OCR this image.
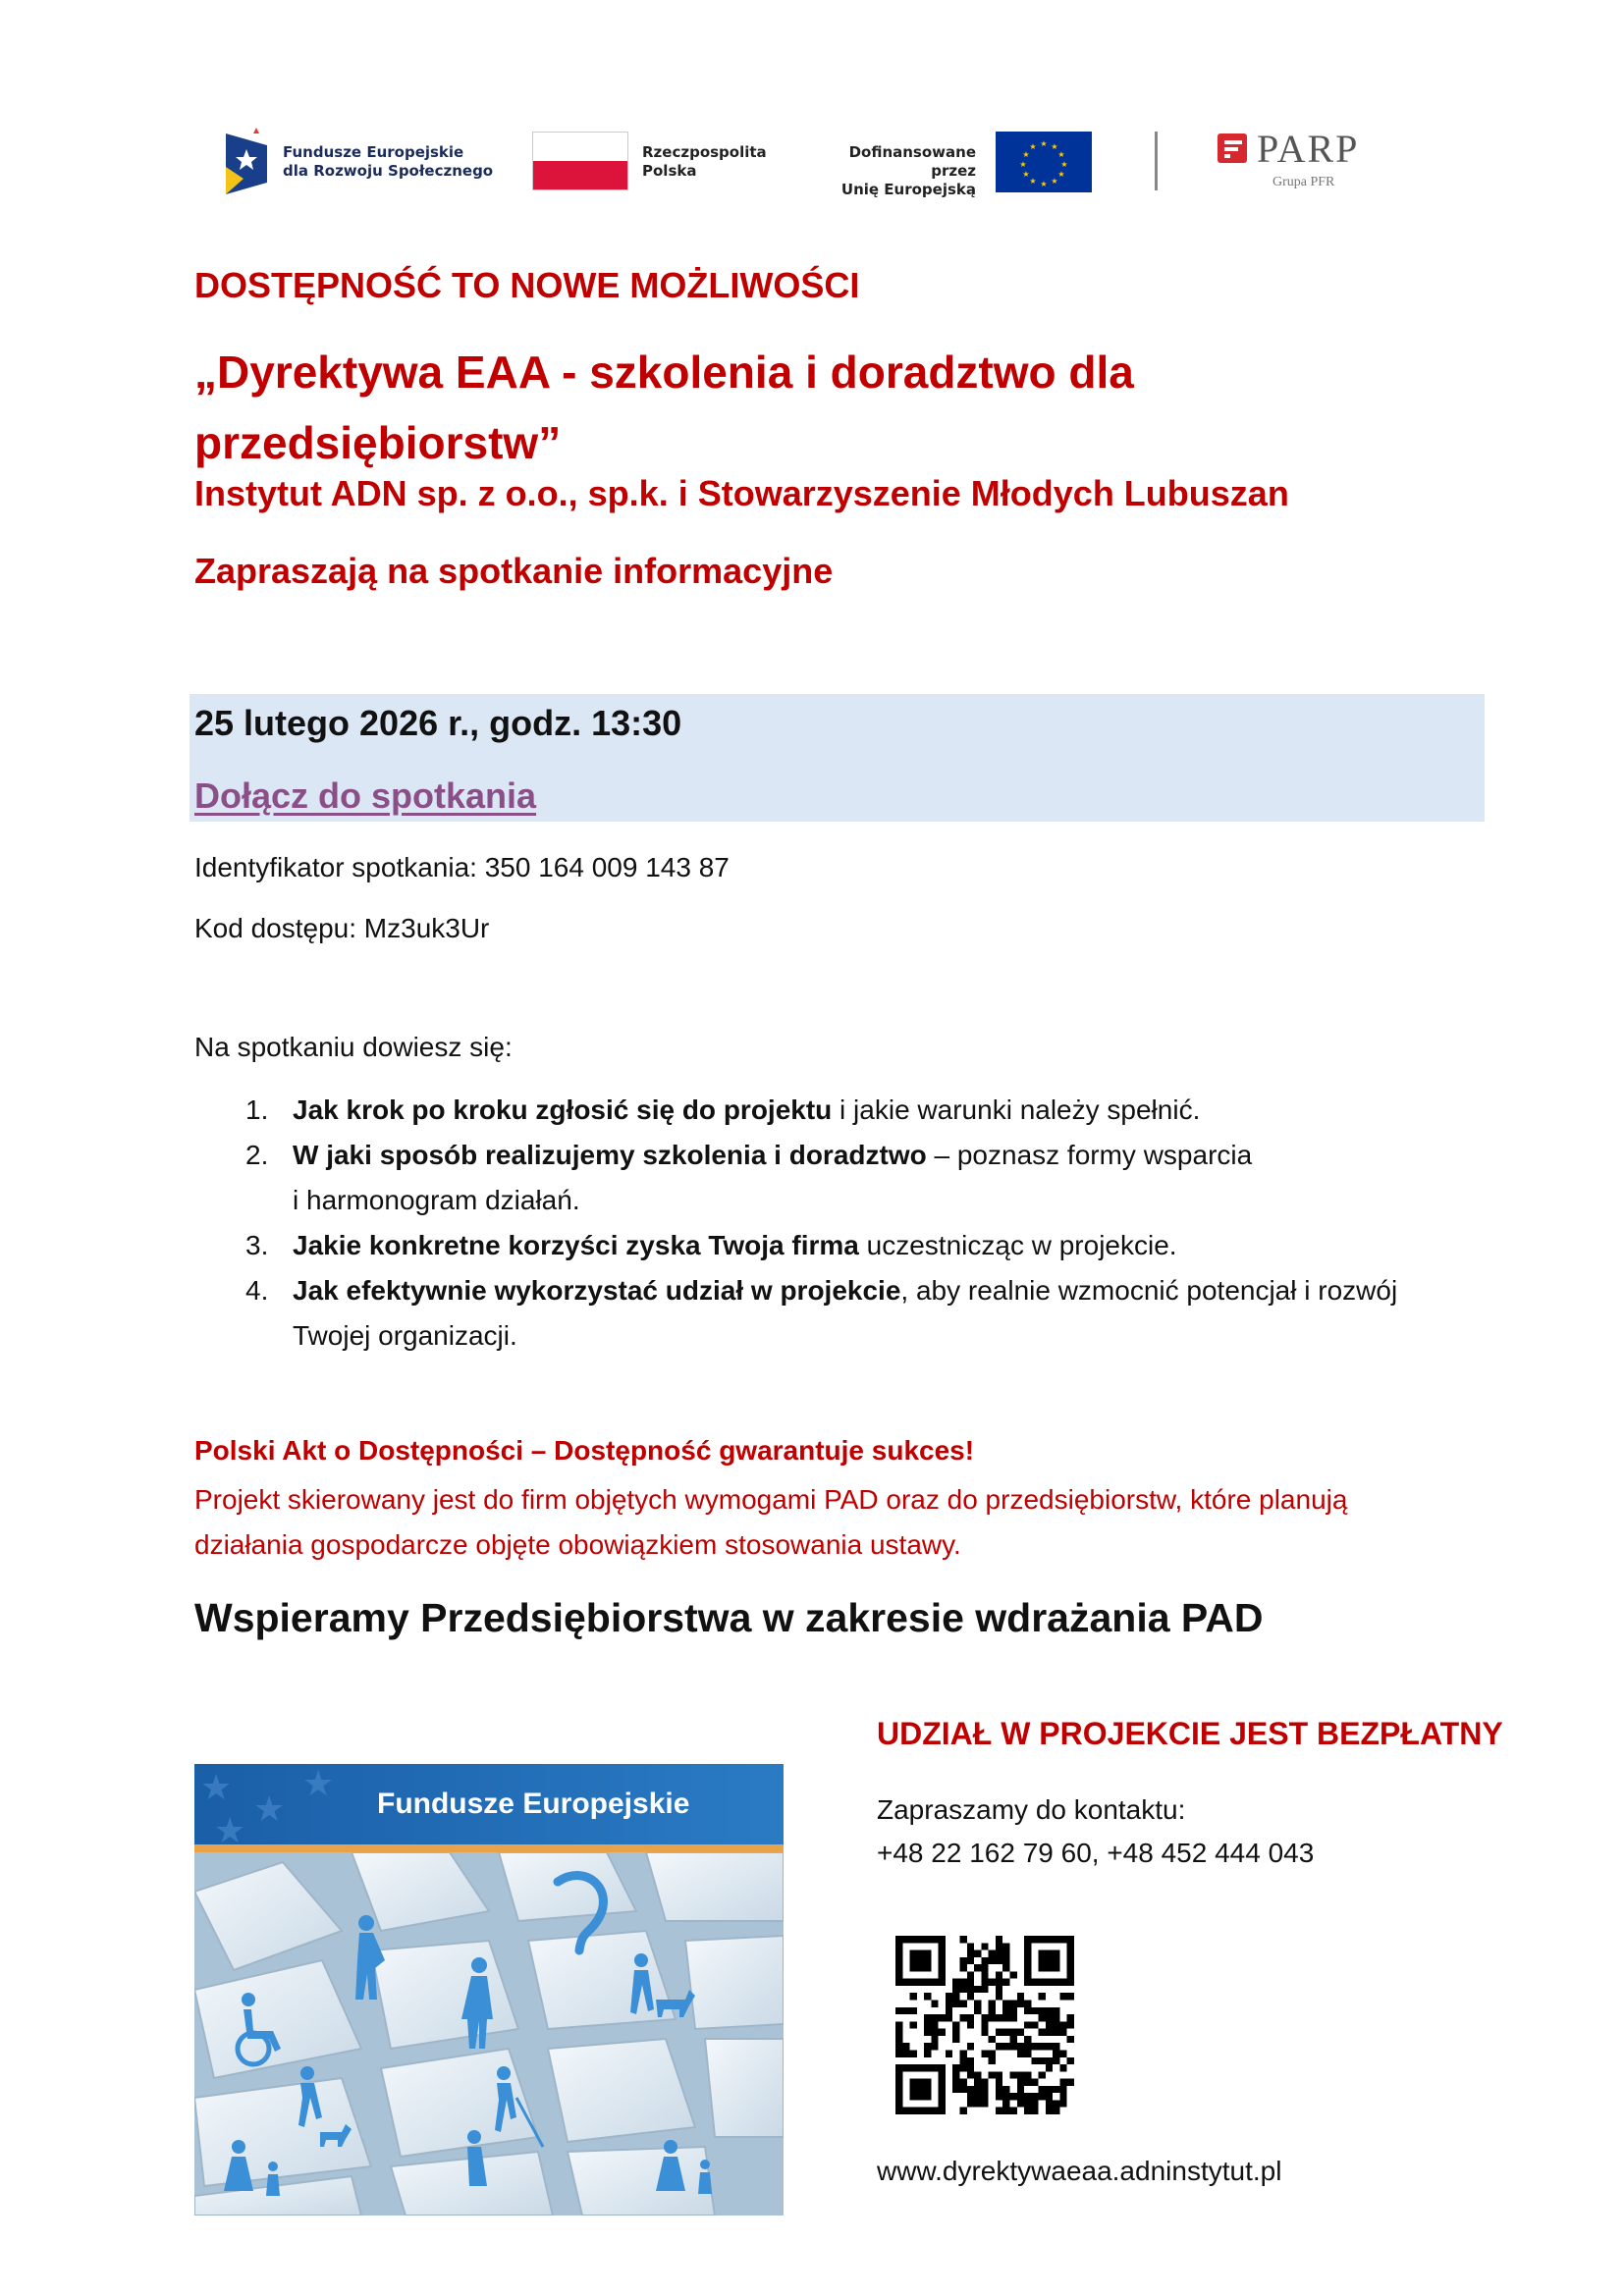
Fundusze Europejskie
dla Rozwoju Społecznego
Rzeczpospolita
Polska
Dofinansowane przez
Unię Europejską
★ ★
★
★
★
★
★
★
★
★
★
★	PARP
Grupa PFR
DOSTĘPNOŚĆ TO NOWE MOŻLIWOŚCI
„Dyrektywa EAA - szkolenia i doradztwo dla przedsiębiorstw”
Instytut ADN sp. z o.o., sp.k. i Stowarzyszenie Młodych Lubuszan
Zapraszają na spotkanie informacyjne
25 lutego 2026 r., godz. 13:30
Dołącz do spotkania
Identyfikator spotkania: 350 164 009 143 87
Kod dostępu: Mz3uk3Ur
Na spotkaniu dowiesz się:
1. Jak krok po kroku zgłosić się do projektu i jakie warunki należy spełnić.
2. W jaki sposób realizujemy szkolenia i doradztwo – poznasz formy wsparcia
i harmonogram działań.
3. Jakie konkretne korzyści zyska Twoja firma uczestnicząc w projekcie.
4. Jak efektywnie wykorzystać udział w projekcie, aby realnie wzmocnić potencjał i rozwój
Twojej organizacji.
Polski Akt o Dostępności – Dostępność gwarantuje sukces!
Projekt skierowany jest do firm objętych wymogami PAD oraz do przedsiębiorstw, które planują
działania gospodarcze objęte obowiązkiem stosowania ustawy.
Wspieramy Przedsiębiorstwa w zakresie wdrażania PAD
★
★
★
★
Fundusze Europejskie
UDZIAŁ W PROJEKCIE JEST BEZPŁATNY
Zapraszamy do kontaktu:
+48 22 162 79 60, +48 452 444 043
www.dyrektywaeaa.adninstytut.pl
